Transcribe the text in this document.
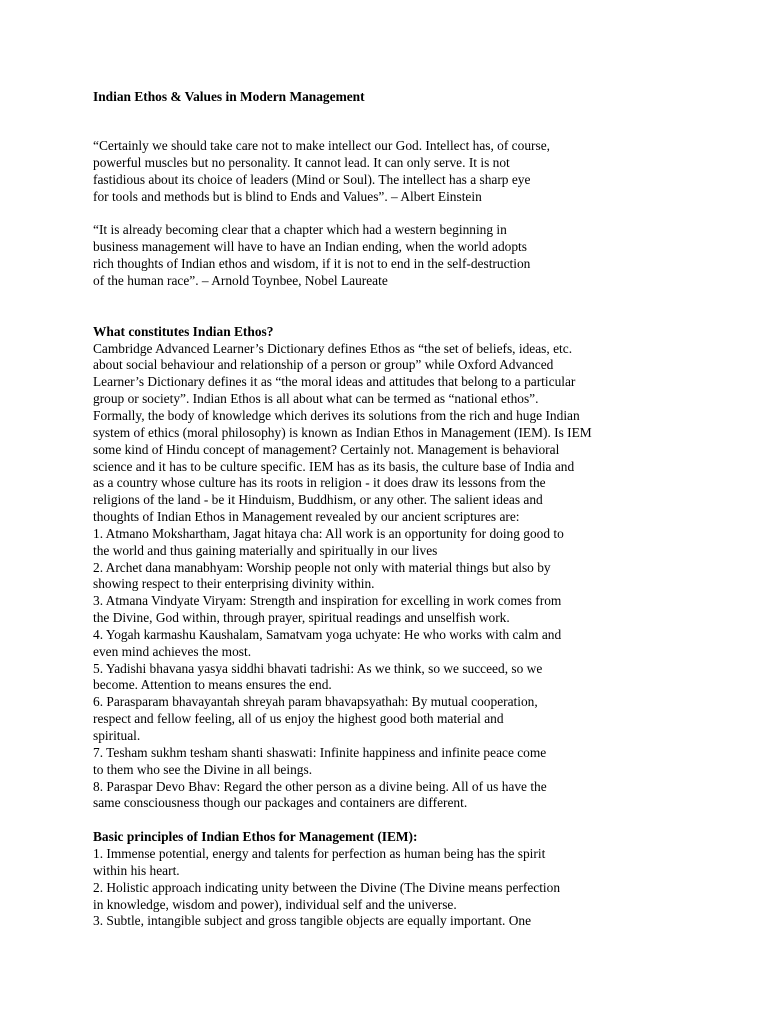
Indian Ethos & Values in Modern Management
“Certainly we should take care not to make intellect our God. Intellect has, of course,
powerful muscles but no personality. It cannot lead. It can only serve. It is not
fastidious about its choice of leaders (Mind or Soul). The intellect has a sharp eye
for tools and methods but is blind to Ends and Values”. – Albert Einstein
“It is already becoming clear that a chapter which had a western beginning in
business management will have to have an Indian ending, when the world adopts
rich thoughts of Indian ethos and wisdom, if it is not to end in the self-destruction
of the human race”. – Arnold Toynbee, Nobel Laureate
What constitutes Indian Ethos?
Cambridge Advanced Learner’s Dictionary defines Ethos as “the set of beliefs, ideas, etc.
about social behaviour and relationship of a person or group” while Oxford Advanced
Learner’s Dictionary defines it as “the moral ideas and attitudes that belong to a particular
group or society”. Indian Ethos is all about what can be termed as “national ethos”.
Formally, the body of knowledge which derives its solutions from the rich and huge Indian
system of ethics (moral philosophy) is known as Indian Ethos in Management (IEM). Is IEM
some kind of Hindu concept of management? Certainly not. Management is behavioral
science and it has to be culture specific. IEM has as its basis, the culture base of India and
as a country whose culture has its roots in religion - it does draw its lessons from the
religions of the land - be it Hinduism, Buddhism, or any other. The salient ideas and
thoughts of Indian Ethos in Management revealed by our ancient scriptures are:
1. Atmano Mokshartham, Jagat hitaya cha: All work is an opportunity for doing good to
the world and thus gaining materially and spiritually in our lives
2. Archet dana manabhyam: Worship people not only with material things but also by
showing respect to their enterprising divinity within.
3. Atmana Vindyate Viryam: Strength and inspiration for excelling in work comes from
the Divine, God within, through prayer, spiritual readings and unselfish work.
4. Yogah karmashu Kaushalam, Samatvam yoga uchyate: He who works with calm and
even mind achieves the most.
5. Yadishi bhavana yasya siddhi bhavati tadrishi: As we think, so we succeed, so we
become. Attention to means ensures the end.
6. Parasparam bhavayantah shreyah param bhavapsyathah: By mutual cooperation,
respect and fellow feeling, all of us enjoy the highest good both material and
spiritual.
7. Tesham sukhm tesham shanti shaswati: Infinite happiness and infinite peace come
to them who see the Divine in all beings.
8. Paraspar Devo Bhav: Regard the other person as a divine being. All of us have the
same consciousness though our packages and containers are different.
Basic principles of Indian Ethos for Management (IEM):
1. Immense potential, energy and talents for perfection as human being has the spirit
within his heart.
2. Holistic approach indicating unity between the Divine (The Divine means perfection
in knowledge, wisdom and power), individual self and the universe.
3. Subtle, intangible subject and gross tangible objects are equally important. One
